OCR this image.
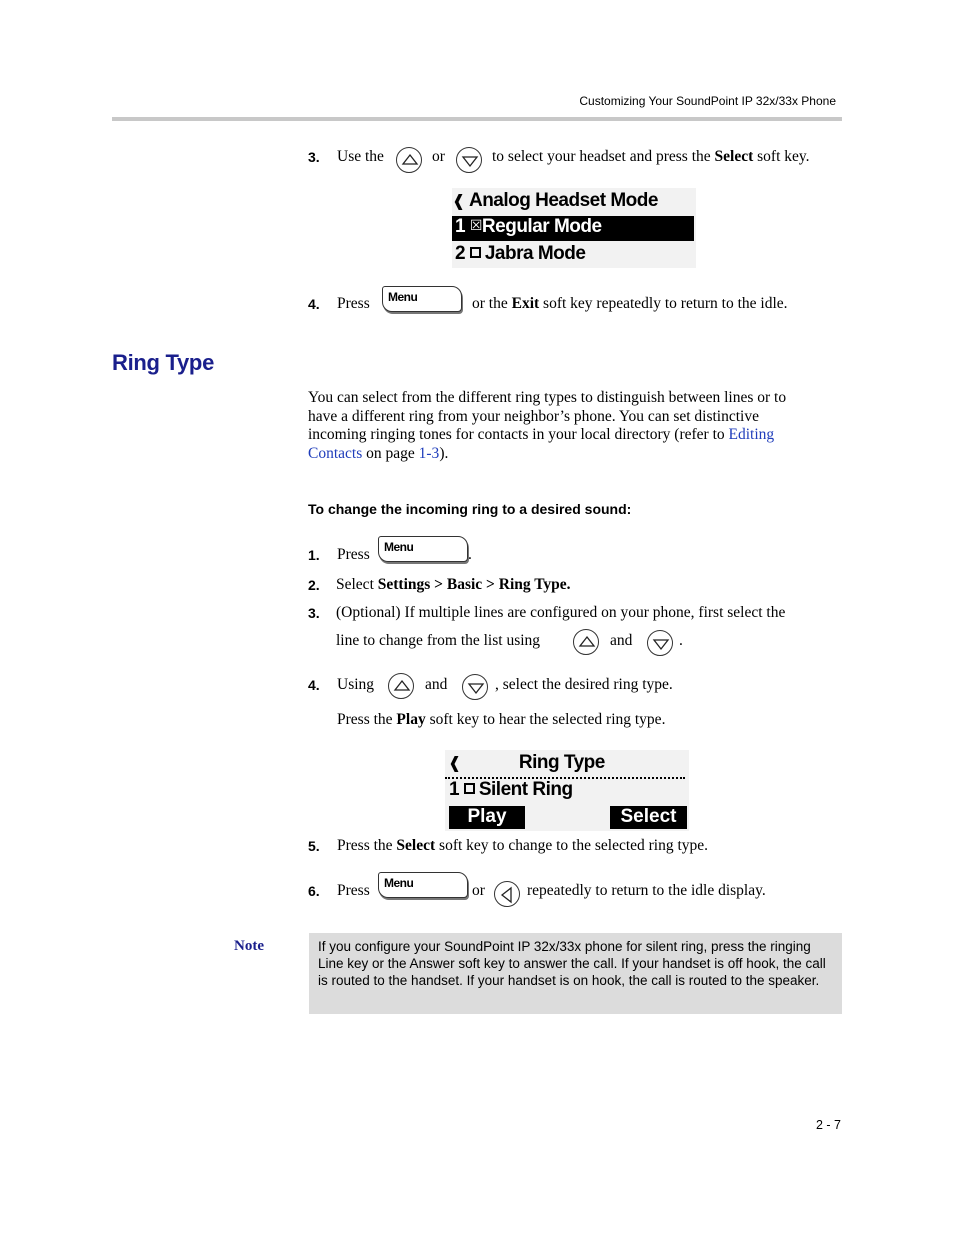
Customizing Your SoundPoint IP 32x/33x Phone
3. Use the	or	to select your headset and press the Select soft key.
❰ Analog Headset Mode
1 ☒Regular Mode
2 Jabra Mode
4. Press Menu	or the Exit soft key repeatedly to return to the idle.
Ring Type
You can select from the different ring types to distinguish between lines or to
have a different ring from your neighbor’s phone. You can set distinctive
incoming ringing tones for contacts in your local directory (refer to Editing
Contacts on page 1-3).
To change the incoming ring to a desired sound:
1. Press Menu	.
2. Select Settings > Basic > Ring Type.
3. (Optional) If multiple lines are configured on your phone, first select the
line to change from the list using	and	.
4. Using	and	, select the desired ring type.
Press the Play soft key to hear the selected ring type.
❰	Ring Type
1 Silent Ring
Play	Select
5. Press the Select soft key to change to the selected ring type.
6. Press Menu	or	repeatedly to return to the idle display.
Note	If you configure your SoundPoint IP 32x/33x phone for silent ring, press the ringing Line key or the Answer soft key to answer the call. If your handset is off hook, the call is routed to the handset. If your handset is on hook, the call is routed to the speaker.
2 - 7
